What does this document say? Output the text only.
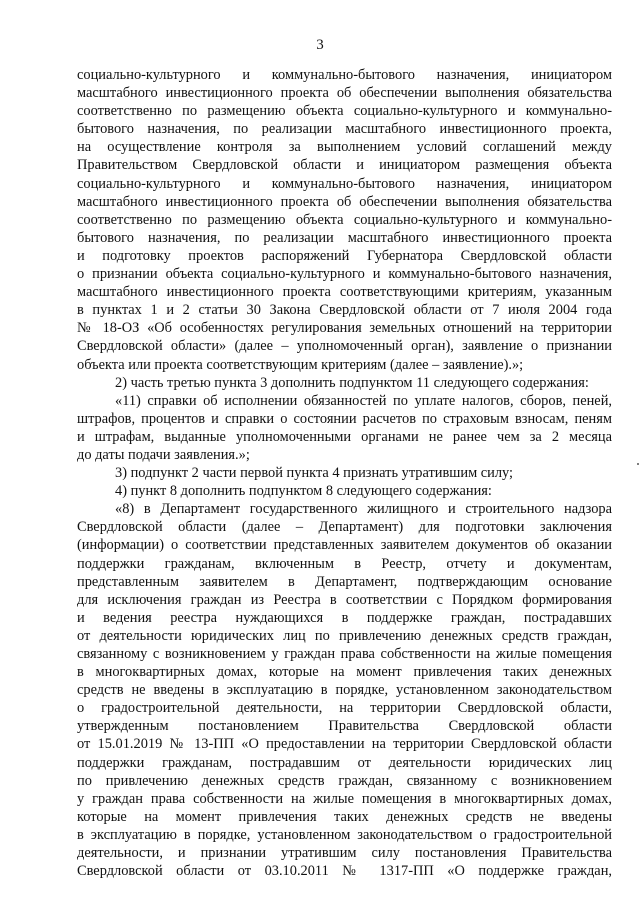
3
социально-культурного и коммунально-бытового назначения, инициатором
масштабного инвестиционного проекта об обеспечении выполнения обязательства
соответственно по размещению объекта социально-культурного и коммунально-
бытового назначения, по реализации масштабного инвестиционного проекта,
на осуществление контроля за выполнением условий соглашений между
Правительством Свердловской области и инициатором размещения объекта
социально-культурного и коммунально-бытового назначения, инициатором
масштабного инвестиционного проекта об обеспечении выполнения обязательства
соответственно по размещению объекта социально-культурного и коммунально-
бытового назначения, по реализации масштабного инвестиционного проекта
и подготовку проектов распоряжений Губернатора Свердловской области
о признании объекта социально-культурного и коммунально-бытового назначения,
масштабного инвестиционного проекта соответствующими критериям, указанным
в пунктах 1 и 2 статьи 30 Закона Свердловской области от 7 июля 2004 года
№ 18-ОЗ «Об особенностях регулирования земельных отношений на территории
Свердловской области» (далее – уполномоченный орган), заявление о признании
объекта или проекта соответствующим критериям (далее – заявление).»;
2) часть третью пункта 3 дополнить подпунктом 11 следующего содержания:
«11) справки об исполнении обязанностей по уплате налогов, сборов, пеней,
штрафов, процентов и справки о состоянии расчетов по страховым взносам, пеням
и штрафам, выданные уполномоченными органами не ранее чем за 2 месяца
до даты подачи заявления.»;
3) подпункт 2 части первой пункта 4 признать утратившим силу;
4) пункт 8 дополнить подпунктом 8 следующего содержания:
«8) в Департамент государственного жилищного и строительного надзора
Свердловской области (далее – Департамент) для подготовки заключения
(информации) о соответствии представленных заявителем документов об оказании
поддержки гражданам, включенным в Реестр, отчету и документам,
представленным заявителем в Департамент, подтверждающим основание
для исключения граждан из Реестра в соответствии с Порядком формирования
и ведения реестра нуждающихся в поддержке граждан, пострадавших
от деятельности юридических лиц по привлечению денежных средств граждан,
связанному с возникновением у граждан права собственности на жилые помещения
в многоквартирных домах, которые на момент привлечения таких денежных
средств не введены в эксплуатацию в порядке, установленном законодательством
о градостроительной деятельности, на территории Свердловской области,
утвержденным постановлением Правительства Свердловской области
от 15.01.2019 № 13-ПП «О предоставлении на территории Свердловской области
поддержки гражданам, пострадавшим от деятельности юридических лиц
по привлечению денежных средств граждан, связанному с возникновением
у граждан права собственности на жилые помещения в многоквартирных домах,
которые на момент привлечения таких денежных средств не введены
в эксплуатацию в порядке, установленном законодательством о градостроительной
деятельности, и признании утратившим силу постановления Правительства
Свердловской области от 03.10.2011 № 1317-ПП «О поддержке граждан,
